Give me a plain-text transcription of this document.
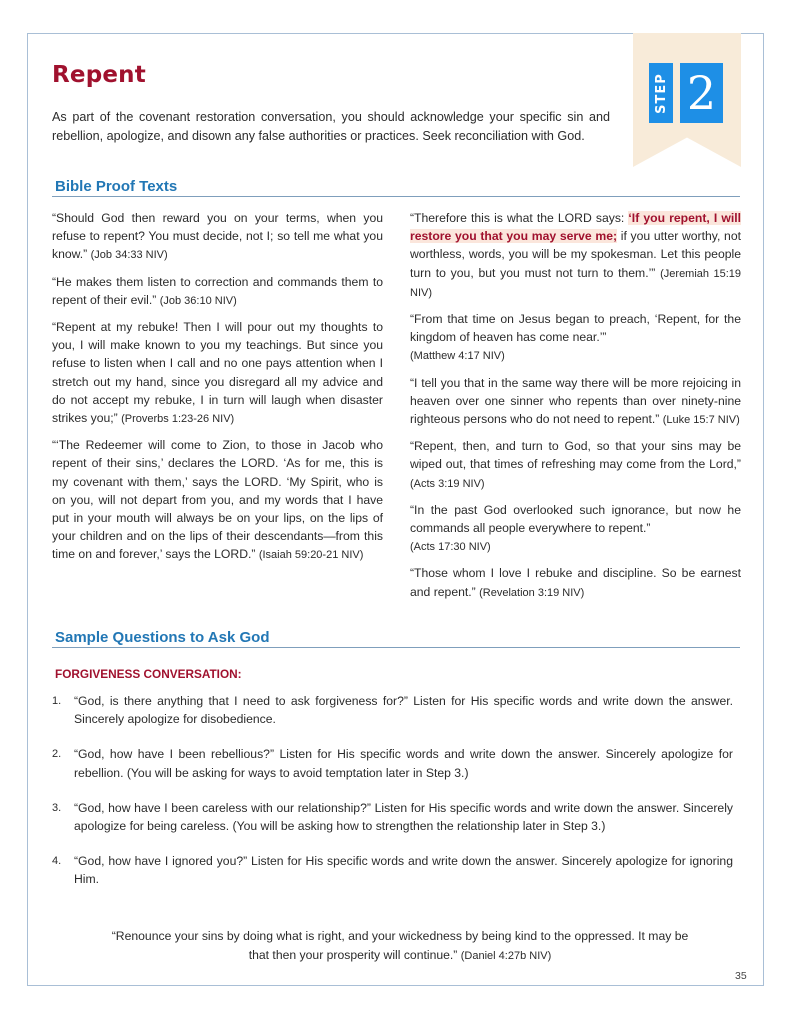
Repent

As part of the covenant restoration conversation, you should acknowledge your specific sin and rebellion, apologize, and disown any false authorities or practices. Seek reconciliation with God.

STEP 2
Bible Proof Texts

“Should God then reward you on your terms, when you refuse to repent? You must decide, not I; so tell me what you know.” (Job 34:33 NIV)

“He makes them listen to correction and commands them to repent of their evil.” (Job 36:10 NIV)

“Repent at my rebuke! Then I will pour out my thoughts to you, I will make known to you my teachings. But since you refuse to listen when I call and no one pays attention when I stretch out my hand, since you disregard all my advice and do not accept my rebuke, I in turn will laugh when disaster strikes you;” (Proverbs 1:23-26 NIV)

“‘The Redeemer will come to Zion, to those in Jacob who repent of their sins,’ declares the LORD. ‘As for me, this is my covenant with them,’ says the LORD. ‘My Spirit, who is on you, will not depart from you, and my words that I have put in your mouth will always be on your lips, on the lips of your children and on the lips of their descendants—from this time on and forever,’ says the LORD.” (Isaiah 59:20-21 NIV)

“Therefore this is what the LORD says: ‘If you repent, I will restore you that you may serve me; if you utter worthy, not worthless, words, you will be my spokesman. Let this people turn to you, but you must not turn to them.’” (Jeremiah 15:19 NIV)

“From that time on Jesus began to preach, ‘Repent, for the kingdom of heaven has come near.’”
(Matthew 4:17 NIV)

“I tell you that in the same way there will be more rejoicing in heaven over one sinner who repents than over ninety-nine righteous persons who do not need to repent.” (Luke 15:7 NIV)

“Repent, then, and turn to God, so that your sins may be wiped out, that times of refreshing may come from the Lord,” (Acts 3:19 NIV)

“In the past God overlooked such ignorance, but now he commands all people everywhere to repent.”
(Acts 17:30 NIV)

“Those whom I love I rebuke and discipline. So be earnest and repent.” (Revelation 3:19 NIV)

Sample Questions to Ask God
FORGIVENESS CONVERSATION:
1.	“God, is there anything that I need to ask forgiveness for?” Listen for His specific words and write down the answer. Sincerely apologize for disobedience.
2.	“God, how have I been rebellious?” Listen for His specific words and write down the answer. Sincerely apologize for rebellion. (You will be asking for ways to avoid temptation later in Step 3.)
3.	“God, how have I been careless with our relationship?” Listen for His specific words and write down the answer. Sincerely apologize for being careless. (You will be asking how to strengthen the relationship later in Step 3.)
4.	“God, how have I ignored you?” Listen for His specific words and write down the answer. Sincerely apologize for ignoring Him.

“Renounce your sins by doing what is right, and your wickedness by being kind to the oppressed. It may be that then your prosperity will continue.” (Daniel 4:27b NIV)

35
